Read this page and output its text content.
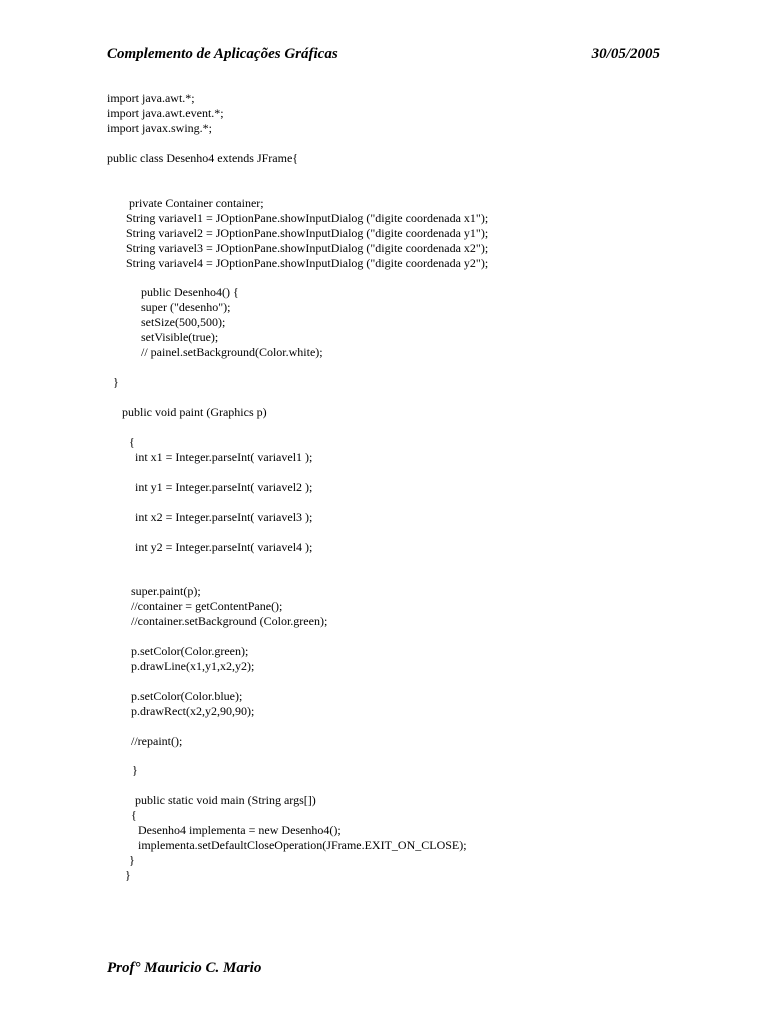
Complemento de Aplicações Gráficas	30/05/2005
import java.awt.*;
import java.awt.event.*;
import javax.swing.*;
public class Desenho4 extends JFrame{
private Container container;
String variavel1 = JOptionPane.showInputDialog ("digite coordenada x1");
String variavel2 = JOptionPane.showInputDialog ("digite coordenada y1");
String variavel3 = JOptionPane.showInputDialog ("digite coordenada x2");
String variavel4 = JOptionPane.showInputDialog ("digite coordenada y2");
public Desenho4() {
super ("desenho");
setSize(500,500);
setVisible(true);
// painel.setBackground(Color.white);
}
public void paint (Graphics p)
{
int x1 = Integer.parseInt( variavel1 );
int y1 = Integer.parseInt( variavel2 );
int x2 = Integer.parseInt( variavel3 );
int y2 = Integer.parseInt( variavel4 );
super.paint(p);
//container = getContentPane();
//container.setBackground (Color.green);
p.setColor(Color.green);
p.drawLine(x1,y1,x2,y2);
p.setColor(Color.blue);
p.drawRect(x2,y2,90,90);
//repaint();
}
public static void main (String args[])
{
Desenho4 implementa = new Desenho4();
implementa.setDefaultCloseOperation(JFrame.EXIT_ON_CLOSE);
}
}
Prof° Mauricio C. Mario
